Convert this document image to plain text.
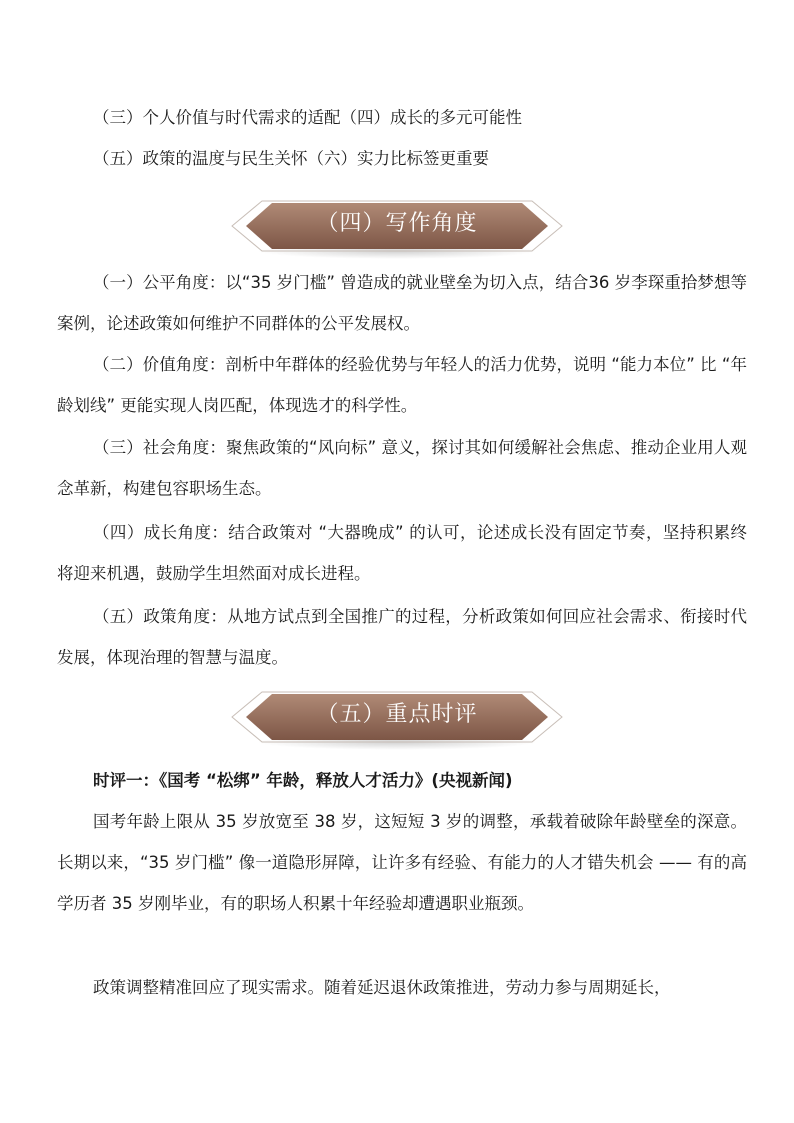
（三）个人价值与时代需求的适配（四）成长的多元可能性

（五）政策的温度与民生关怀（六）实力比标签更重要

（四）写作角度

（一）公平角度：以“35 岁门槛” 曾造成的就业壁垒为切入点，结合36 岁李琛重拾梦想等案例，论述政策如何维护不同群体的公平发展权。

（二）价值角度：剖析中年群体的经验优势与年轻人的活力优势，说明 “能力本位” 比 “年龄划线” 更能实现人岗匹配，体现选才的科学性。

（三）社会角度：聚焦政策的“风向标” 意义，探讨其如何缓解社会焦虑、推动企业用人观念革新，构建包容职场生态。

（四）成长角度：结合政策对 “大器晚成” 的认可，论述成长没有固定节奏，坚持积累终将迎来机遇，鼓励学生坦然面对成长进程。

（五）政策角度：从地方试点到全国推广的过程，分析政策如何回应社会需求、衔接时代发展，体现治理的智慧与温度。

（五）重点时评

时评一：《国考 “松绑” 年龄，释放人才活力》(央视新闻)

国考年龄上限从 35 岁放宽至 38 岁，这短短 3 岁的调整，承载着破除年龄壁垒的深意。长期以来，“35 岁门槛” 像一道隐形屏障，让许多有经验、有能力的人才错失机会 —— 有的高学历者 35 岁刚毕业，有的职场人积累十年经验却遭遇职业瓶颈。

政策调整精准回应了现实需求。随着延迟退休政策推进，劳动力参与周期延长，
